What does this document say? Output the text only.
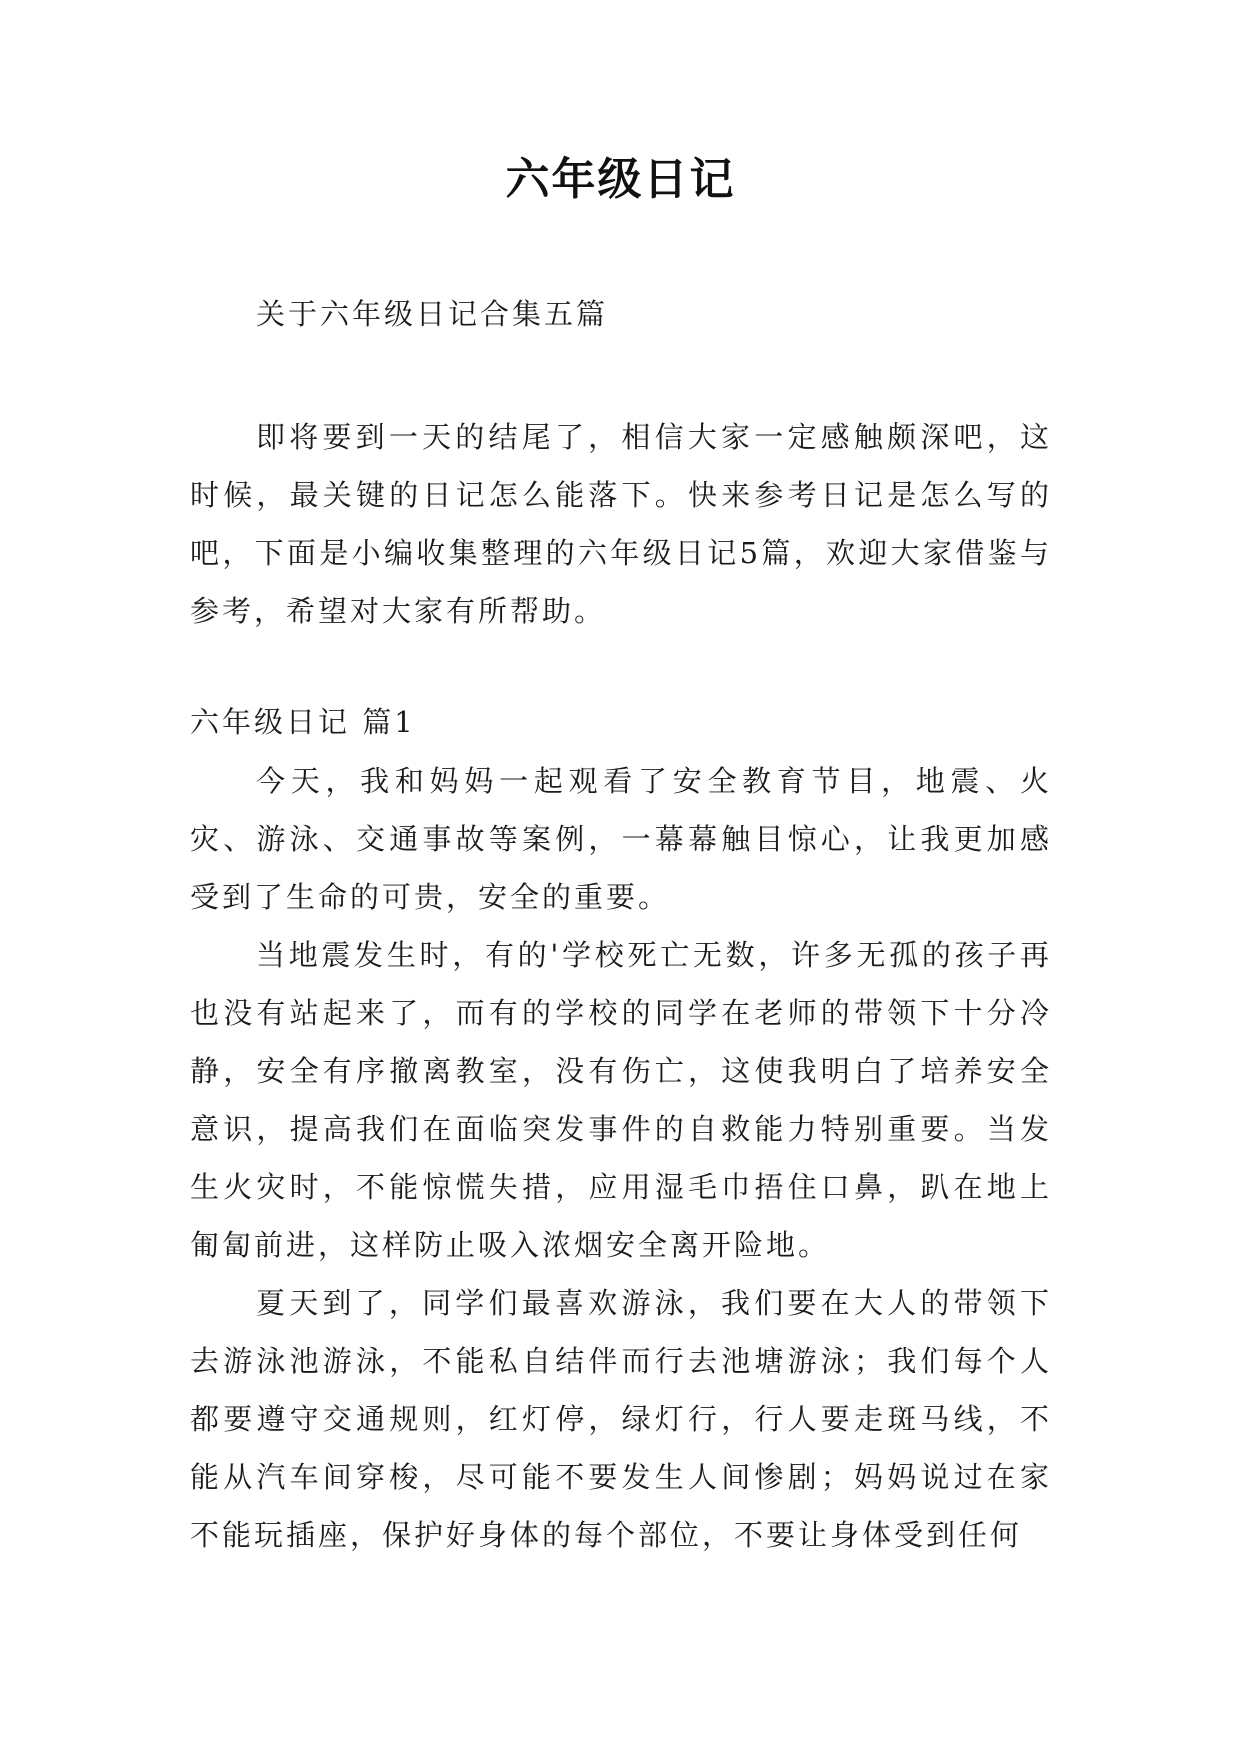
六年级日记
关于六年级日记合集五篇
即将要到一天的结尾了，相信大家一定感触颇深吧，这时候，最关键的日记怎么能落下。快来参考日记是怎么写的吧，下面是小编收集整理的六年级日记5篇，欢迎大家借鉴与参考，希望对大家有所帮助。
六年级日记 篇1

今天，我和妈妈一起观看了安全教育节目，地震、火灾、游泳、交通事故等案例，一幕幕触目惊心，让我更加感受到了生命的可贵，安全的重要。

当地震发生时，有的'学校死亡无数，许多无孤的孩子再也没有站起来了，而有的学校的同学在老师的带领下十分冷静，安全有序撤离教室，没有伤亡，这使我明白了培养安全意识，提高我们在面临突发事件的自救能力特别重要。当发生火灾时，不能惊慌失措，应用湿毛巾捂住口鼻，趴在地上匍匐前进，这样防止吸入浓烟安全离开险地。

夏天到了，同学们最喜欢游泳，我们要在大人的带领下去游泳池游泳，不能私自结伴而行去池塘游泳；我们每个人都要遵守交通规则，红灯停，绿灯行，行人要走斑马线，不能从汽车间穿梭，尽可能不要发生人间惨剧；妈妈说过在家不能玩插座，保护好身体的每个部位，不要让身体受到任何
